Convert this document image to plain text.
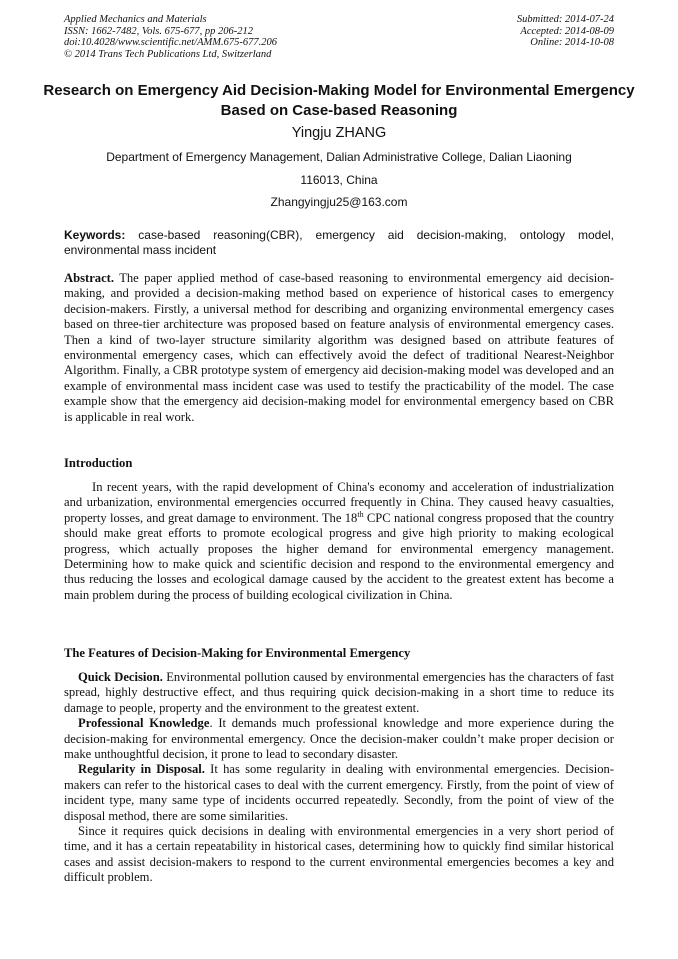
Applied Mechanics and Materials
ISSN: 1662-7482, Vols. 675-677, pp 206-212
doi:10.4028/www.scientific.net/AMM.675-677.206
© 2014 Trans Tech Publications Ltd, Switzerland
Submitted: 2014-07-24
Accepted: 2014-08-09
Online: 2014-10-08
Research on Emergency Aid Decision-Making Model for Environmental Emergency Based on Case-based Reasoning
Yingju ZHANG
Department of Emergency Management, Dalian Administrative College, Dalian Liaoning
116013, China
Zhangyingju25@163.com
Keywords: case-based reasoning(CBR), emergency aid decision-making, ontology model, environmental mass incident

Abstract. The paper applied method of case-based reasoning to environmental emergency aid decision-making, and provided a decision-making method based on experience of historical cases to emergency decision-makers. Firstly, a universal method for describing and organizing environmental emergency cases based on three-tier architecture was proposed based on feature analysis of environmental emergency cases. Then a kind of two-layer structure similarity algorithm was designed based on attribute features of environmental emergency cases, which can effectively avoid the defect of traditional Nearest-Neighbor Algorithm. Finally, a CBR prototype system of emergency aid decision-making model was developed and an example of environmental mass incident case was used to testify the practicability of the model. The case example show that the emergency aid decision-making model for environmental emergency based on CBR is applicable in real work.

Introduction

In recent years, with the rapid development of China's economy and acceleration of industrialization and urbanization, environmental emergencies occurred frequently in China. They caused heavy casualties, property losses, and great damage to environment. The 18th CPC national congress proposed that the country should make great efforts to promote ecological progress and give high priority to making ecological progress, which actually proposes the higher demand for environmental emergency management. Determining how to make quick and scientific decision and respond to the environmental emergency and thus reducing the losses and ecological damage caused by the accident to the greatest extent has become a main problem during the process of building ecological civilization in China.

The Features of Decision-Making for Environmental Emergency

Quick Decision. Environmental pollution caused by environmental emergencies has the characters of fast spread, highly destructive effect, and thus requiring quick decision-making in a short time to reduce its damage to people, property and the environment to the greatest extent.

Professional Knowledge. It demands much professional knowledge and more experience during the decision-making for environmental emergency. Once the decision-maker couldn’t make proper decision or make unthoughtful decision, it prone to lead to secondary disaster.

Regularity in Disposal. It has some regularity in dealing with environmental emergencies. Decision-makers can refer to the historical cases to deal with the current emergency. Firstly, from the point of view of incident type, many same type of incidents occurred repeatedly. Secondly, from the point of view of the disposal method, there are some similarities.

Since it requires quick decisions in dealing with environmental emergencies in a very short period of time, and it has a certain repeatability in historical cases, determining how to quickly find similar historical cases and assist decision-makers to respond to the current environmental emergencies becomes a key and difficult problem.
